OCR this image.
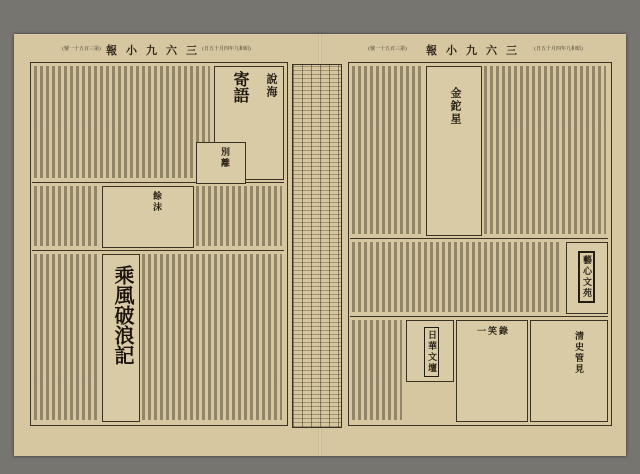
(號一十五百三第) 報小九六三
(日五十月四年九和昭)	(號一十五百三第) 報小九六三 (日五十月四年九和昭)
說海
寄語
餘沫
別離
乘風破浪記
金鉈星
藝心文苑
日華文壇	一笑錄	清史管見
